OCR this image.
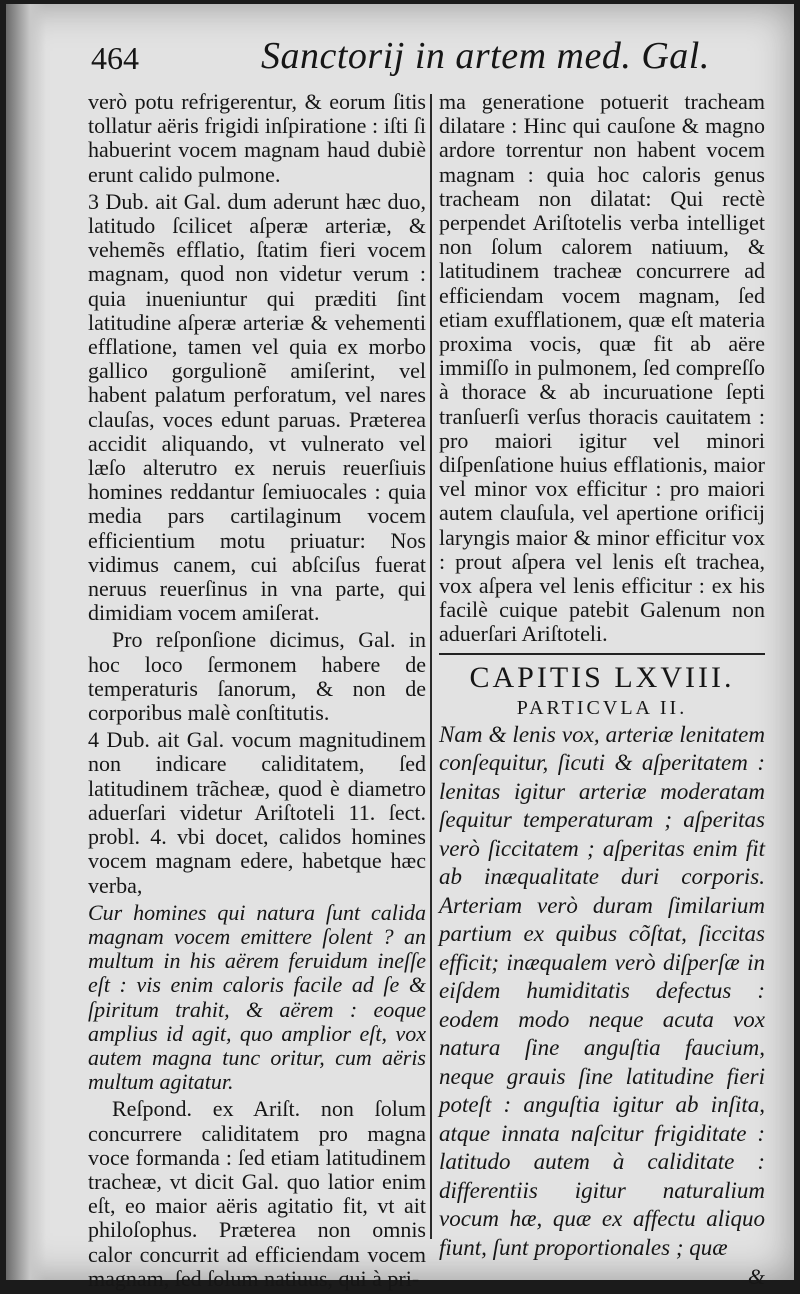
464	Sanctorij in artem med. Gal.

verò potu refrigerentur, & eorum ſitis tollatur aëris frigidi inſpiratione : iſti ſi habuerint vocem magnam haud dubiè erunt calido pulmone.

3 Dub. ait Gal. dum aderunt hæc duo, latitudo ſcilicet aſperæ arteriæ, & vehemẽs efflatio, ſtatim fieri vocem magnam, quod non videtur verum : quia inueniuntur qui præditi ſint latitudine aſperæ arteriæ & vehementi efflatione, tamen vel quia ex morbo gallico gorgulionẽ amiſerint, vel habent palatum perforatum, vel nares clauſas, voces edunt paruas. Præterea accidit aliquando, vt vulnerato vel læſo alterutro ex neruis reuerſiuis homines reddantur ſemiuocales : quia media pars cartilaginum vocem efficientium motu priuatur: Nos vidimus canem, cui abſciſus fuerat neruus reuerſinus in vna parte, qui dimidiam vocem amiſerat.

Pro reſponſione dicimus, Gal. in hoc loco ſermonem habere de temperaturis ſanorum, & non de corporibus malè conſtitutis.

4 Dub. ait Gal. vocum magnitudinem non indicare caliditatem, ſed latitudinem trãcheæ, quod è diametro aduerſari videtur Ariſtoteli 11. ſect. probl. 4. vbi docet, calidos homines vocem magnam edere, habetque hæc verba,

Cur homines qui natura ſunt calida magnam vocem emittere ſolent ? an multum in his aërem feruidum ineſſe eſt : vis enim caloris facile ad ſe & ſpiritum trahit, & aërem : eoque amplius id agit, quo amplior eſt, vox autem magna tunc oritur, cum aëris multum agitatur.

Reſpond. ex Ariſt. non ſolum concurrere caliditatem pro magna voce formanda : ſed etiam latitudinem tracheæ, vt dicit Gal. quo latior enim eſt, eo maior aëris agitatio fit, vt ait philoſophus. Præterea non omnis calor concurrit ad efficiendam vocem magnam, ſed ſolum natiuus, qui à pri-

ma generatione potuerit tracheam dilatare : Hinc qui cauſone & magno ardore torrentur non habent vocem magnam : quia hoc caloris genus tracheam non dilatat: Qui rectè perpendet Ariſtotelis verba intelliget non ſolum calorem natiuum, & latitudinem tracheæ concurrere ad efficiendam vocem magnam, ſed etiam exufflationem, quæ eſt materia proxima vocis, quæ fit ab aëre immiſſo in pulmonem, ſed compreſſo à thorace & ab incuruatione ſepti tranſuerſi verſus thoracis cauitatem : pro maiori igitur vel minori diſpenſatione huius efflationis, maior vel minor vox efficitur : pro maiori autem clauſula, vel apertione orificij laryngis maior & minor efficitur vox : prout aſpera vel lenis eſt trachea, vox aſpera vel lenis efficitur : ex his facilè cuique patebit Galenum non aduerſari Ariſtoteli.

CAPITIS LXVIII.
PARTICVLA II.

Nam & lenis vox, arteriæ lenitatem conſequitur, ſicuti & aſperitatem : lenitas igitur arteriæ moderatam ſequitur temperaturam ; aſperitas verò ſiccitatem ; aſperitas enim fit ab inæqualitate duri corporis. Arteriam verò duram ſimilarium partium ex quibus cõſtat, ſiccitas efficit; inæqualem verò diſperſæ in eiſdem humiditatis defectus : eodem modo neque acuta vox natura ſine anguſtia faucium, neque grauis ſine latitudine fieri poteſt : anguſtia igitur ab inſita, atque innata naſcitur frigiditate : latitudo autem à caliditate : differentiis igitur naturalium vocum hæ, quæ ex affectu aliquo fiunt, ſunt proportionales ; quæ

&
